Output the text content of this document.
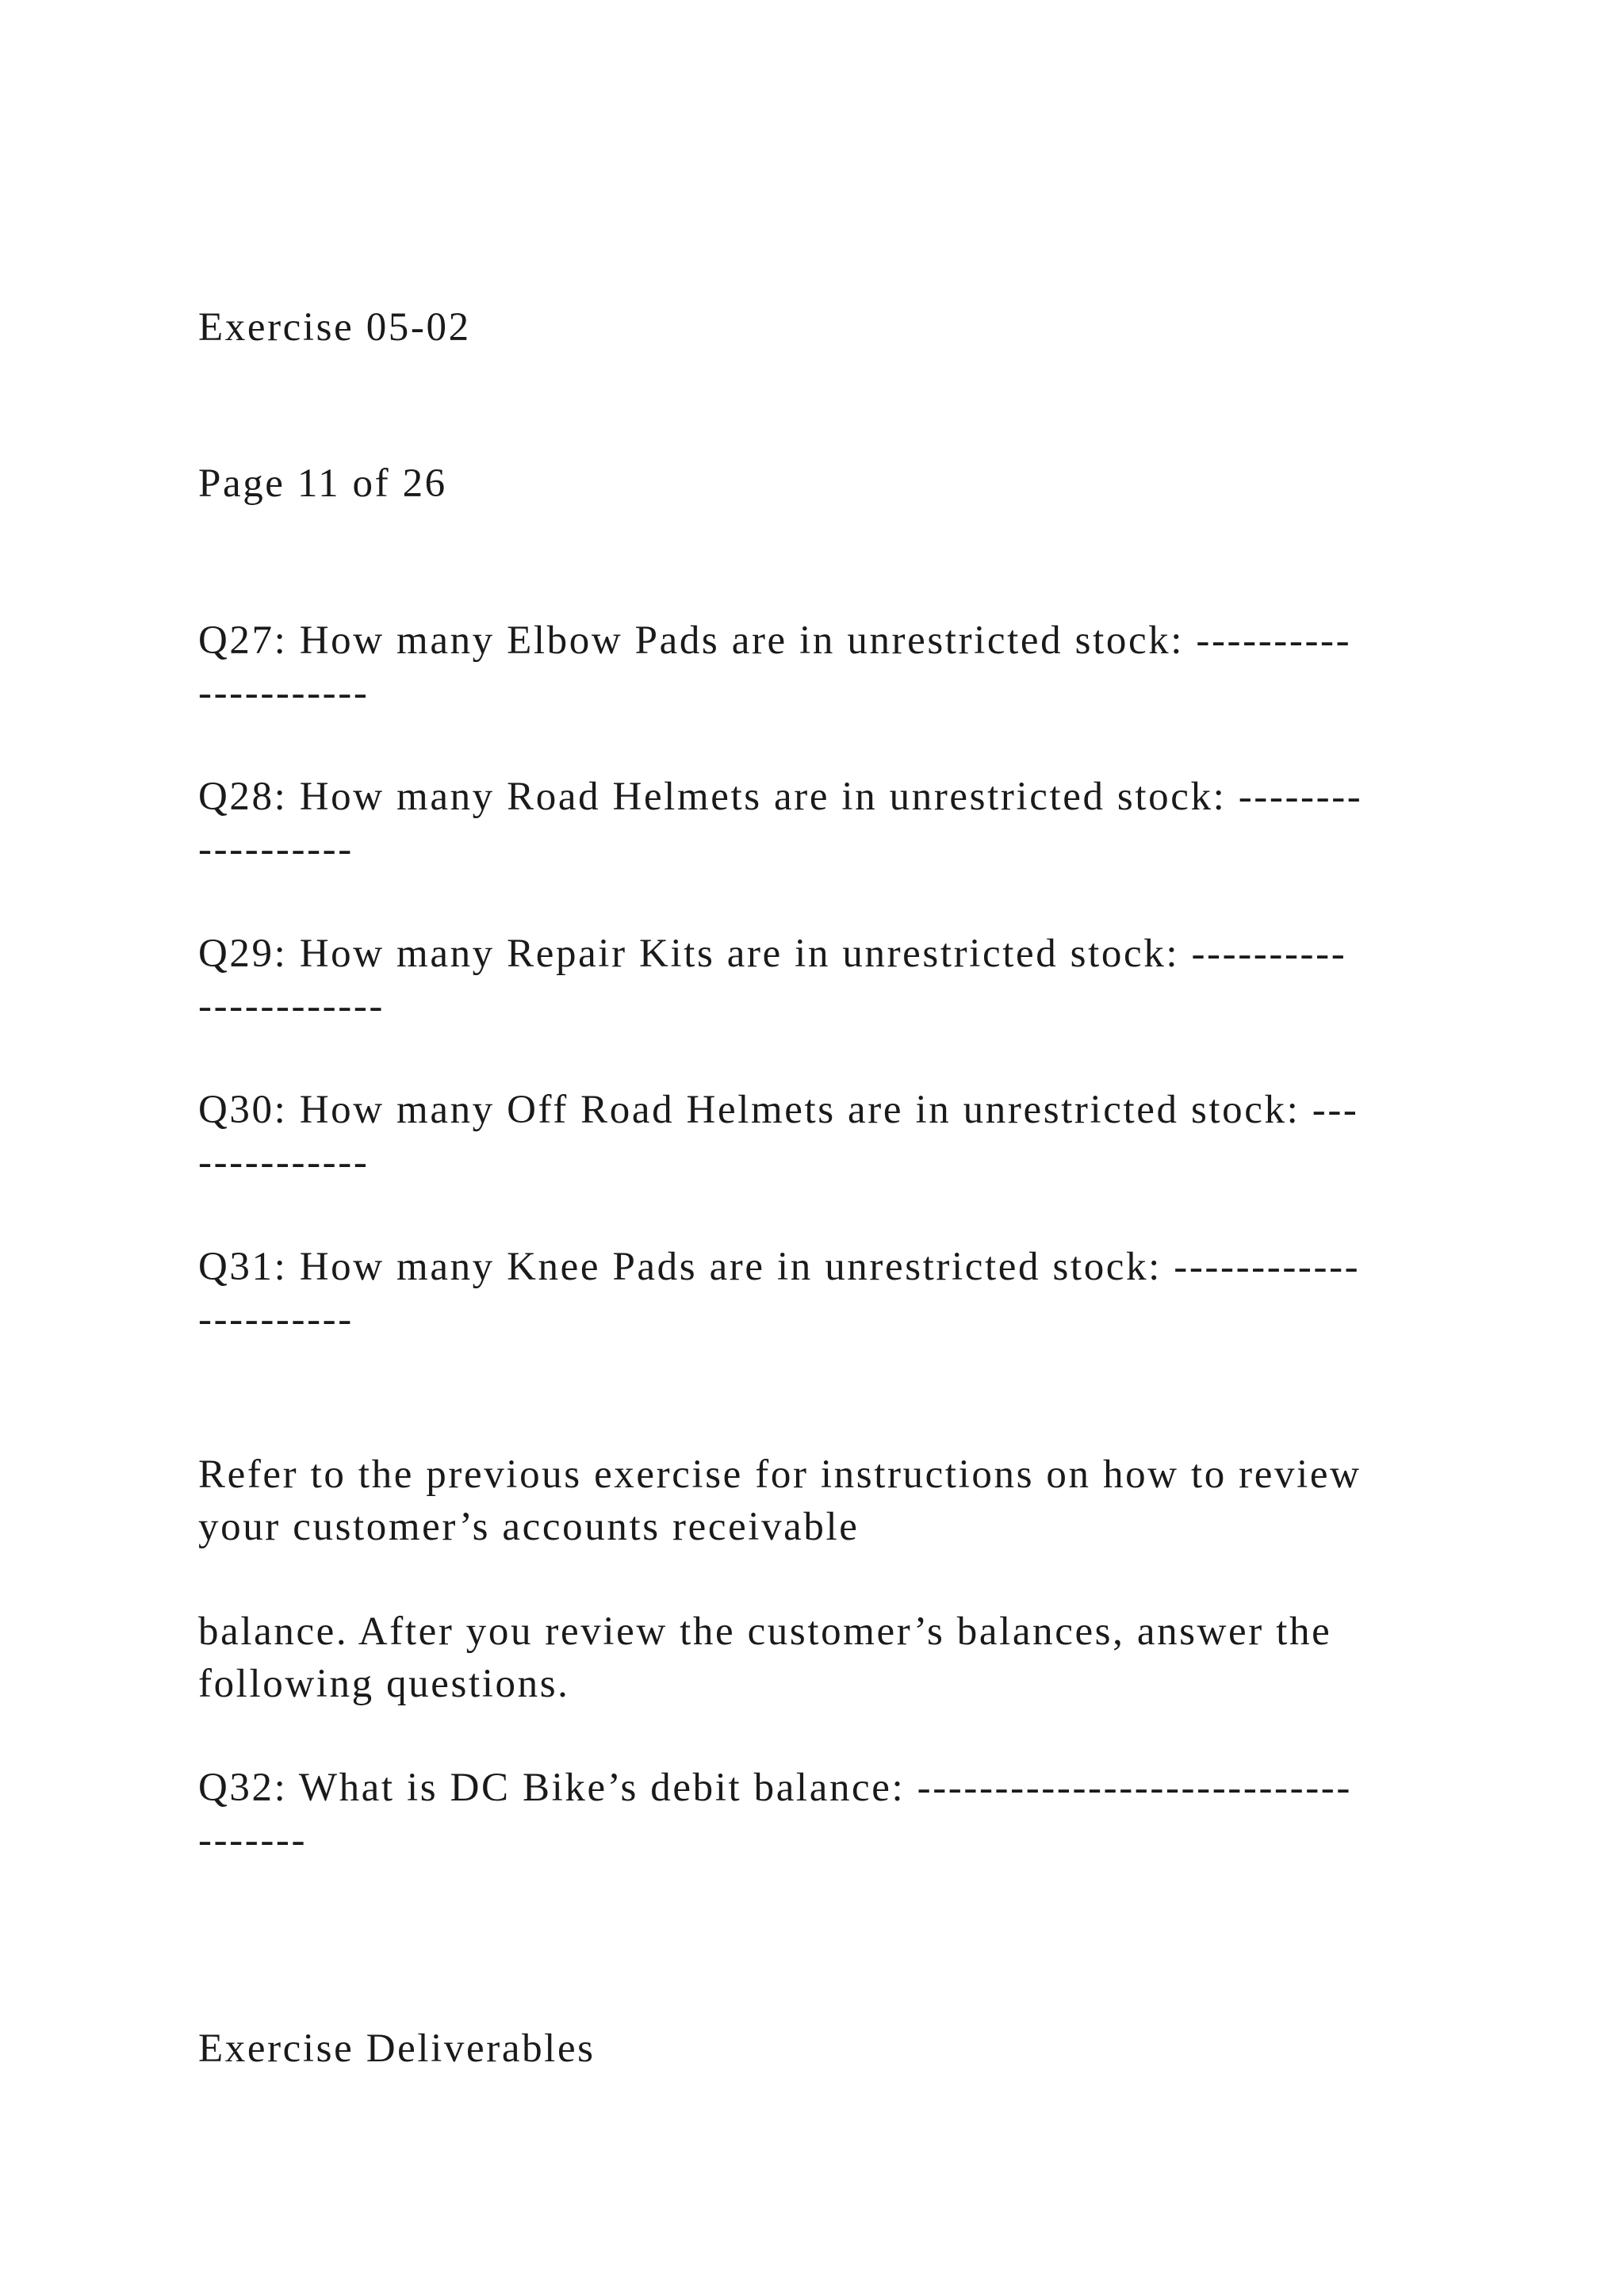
Exercise 05-02

Page 11 of 26

Q27: How many Elbow Pads are in unrestricted stock: ----------

-----------

Q28: How many Road Helmets are in unrestricted stock: --------

----------

Q29: How many Repair Kits are in unrestricted stock: ----------

------------

Q30: How many Off Road Helmets are in unrestricted stock: ---

-----------

Q31: How many Knee Pads are in unrestricted stock: ------------

----------

Refer to the previous exercise for instructions on how to review

your customer’s accounts receivable

balance. After you review the customer’s balances, answer the

following questions.

Q32: What is DC Bike’s debit balance: ----------------------------

-------

Exercise Deliverables
